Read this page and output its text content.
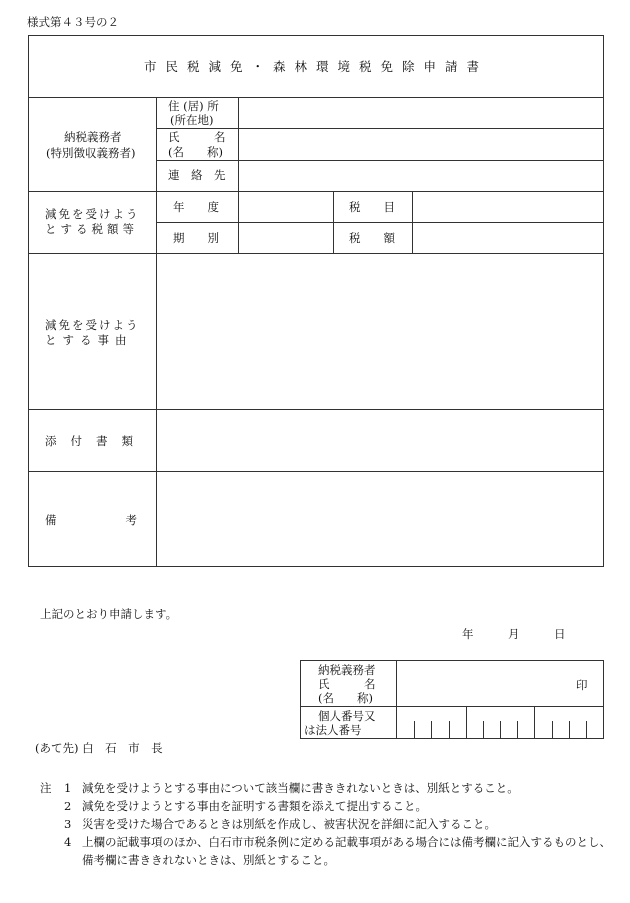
様式第４３号の２
市民税減免・森林環境税免除申請書
納税義務者
(特別徴収義務者)
住 (居) 所
(所在地)
氏　　　名
(名　　称)
連　絡　先
減免を受けよう
とする税額等
年　　度	税　　目
期　　別	税　　額
減免を受けよう
とする事由
添付書類
備　　　　　　考
上記のとおり申請します。
年　　　月　　　日
納税義務者
氏　　　名
(名　　称)
印
個人番号又
は法人番号
(あて先) 白　石　市　長
注 1 減免を受けようとする事由について該当欄に書ききれないときは、別紙とすること。
2 減免を受けようとする事由を証明する書類を添えて提出すること。
3 災害を受けた場合であるときは別紙を作成し、被害状況を詳細に記入すること。
4 上欄の記載事項のほか、白石市市税条例に定める記載事項がある場合には備考欄に記入するものとし、
備考欄に書ききれないときは、別紙とすること。
